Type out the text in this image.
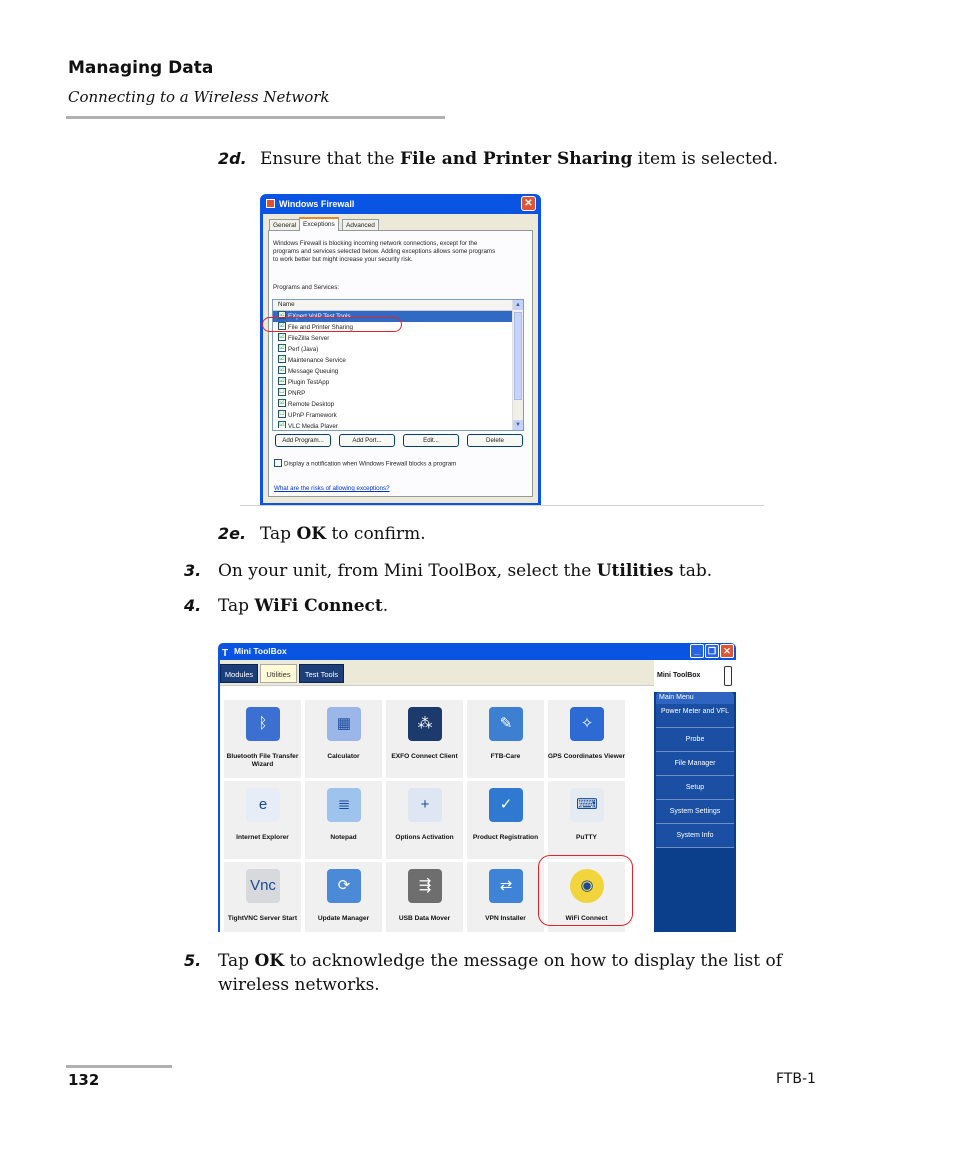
Managing Data
Connecting to a Wireless Network
2d. Ensure that the File and Printer Sharing item is selected.
Windows Firewall	✕
General	Exceptions	Advanced
Windows Firewall is blocking incoming network connections, except for the
programs and services selected below. Adding exceptions allows some programs
to work better but might increase your security risk.
Programs and Services:
Name
☑ EXpert VoIP Test Tools
☑ File and Printer Sharing
☑ FileZilla Server
☑ Perf (Java)
☑ Maintenance Service
☑ Message Queuing
☑ Plugin TestApp
☐ PNRP
☑ Remote Desktop
☐ UPnP Framework
☑ VLC Media Player
▲
▼
Add Program...	Add Port...	Edit...	Delete
Display a notification when Windows Firewall blocks a program
What are the risks of allowing exceptions?
2e. Tap OK to confirm.
3. On your unit, from Mini ToolBox, select the Utilities tab.
4. Tap WiFi Connect.
T Mini ToolBox	_ ❐ ✕
Modules	Utilities	Test Tools
ᛒ
Bluetooth File Transfer Wizard
▦
Calculator
⁂
EXFO Connect Client
✎
FTB-Care
✧
GPS Coordinates Viewer
e
Internet Explorer
≣
Notepad
+
Options Activation
✓
Product Registration
⌨
PuTTY
Vnc
TightVNC Server Start
⟳
Update Manager
⇶
USB Data Mover
⇄
VPN Installer
◉
WiFi Connect
Mini ToolBox
Main Menu
Power Meter and VFL
Probe
File Manager
Setup
System Settings
System Info
5. Tap OK to acknowledge the message on how to display the list of
wireless networks.
132	FTB-1
